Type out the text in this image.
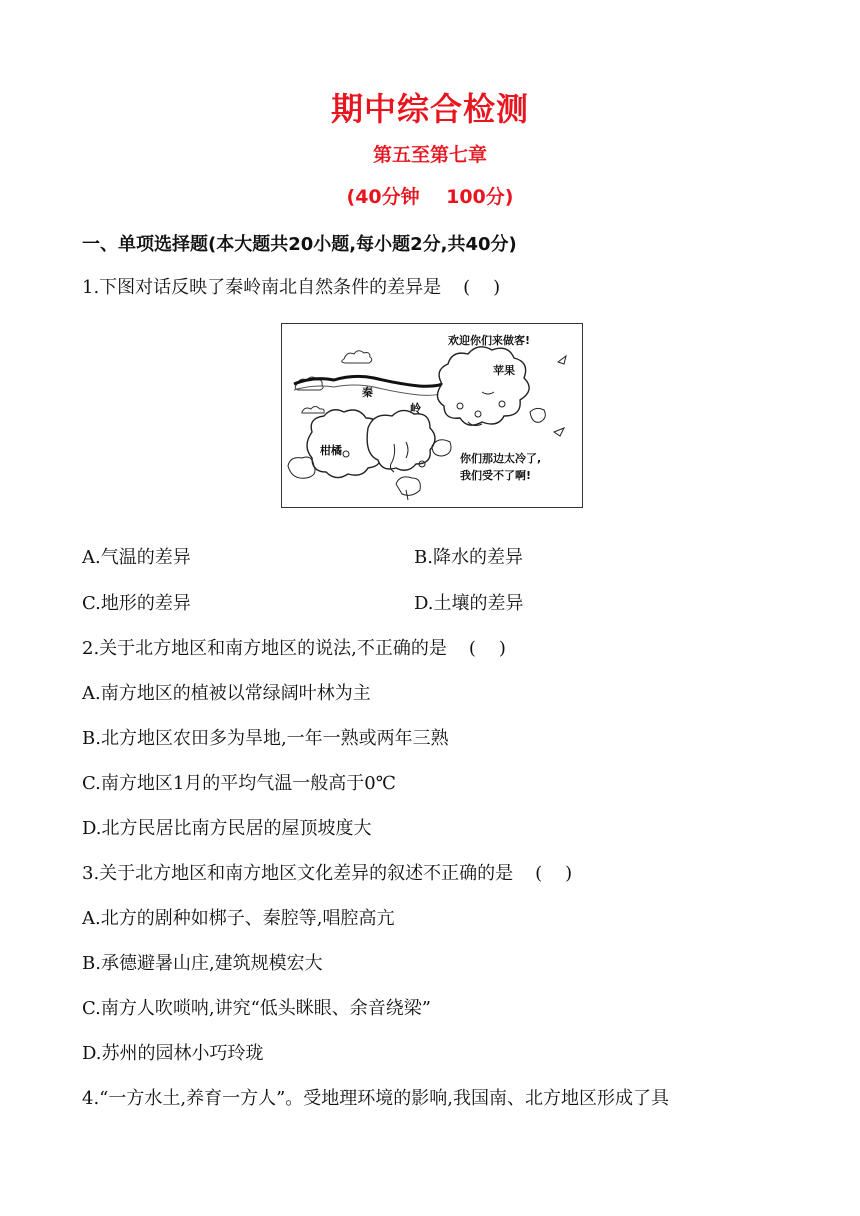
期中综合检测
第五至第七章
(40分钟    100分)
一、单项选择题(本大题共20小题,每小题2分,共40分)
1.下图对话反映了秦岭南北自然条件的差异是 (    )
欢迎你们来做客!
苹果
秦
岭
柑橘
你们那边太冷了,
我们受不了啊!
A.气温的差异	B.降水的差异
C.地形的差异	D.土壤的差异
2.关于北方地区和南方地区的说法,不正确的是 (    )
A.南方地区的植被以常绿阔叶林为主
B.北方地区农田多为旱地,一年一熟或两年三熟
C.南方地区1月的平均气温一般高于0℃
D.北方民居比南方民居的屋顶坡度大
3.关于北方地区和南方地区文化差异的叙述不正确的是 (    )
A.北方的剧种如梆子、秦腔等,唱腔高亢
B.承德避暑山庄,建筑规模宏大
C.南方人吹唢呐,讲究“低头眯眼、余音绕梁”
D.苏州的园林小巧玲珑
4.“一方水土,养育一方人”。受地理环境的影响,我国南、北方地区形成了具
